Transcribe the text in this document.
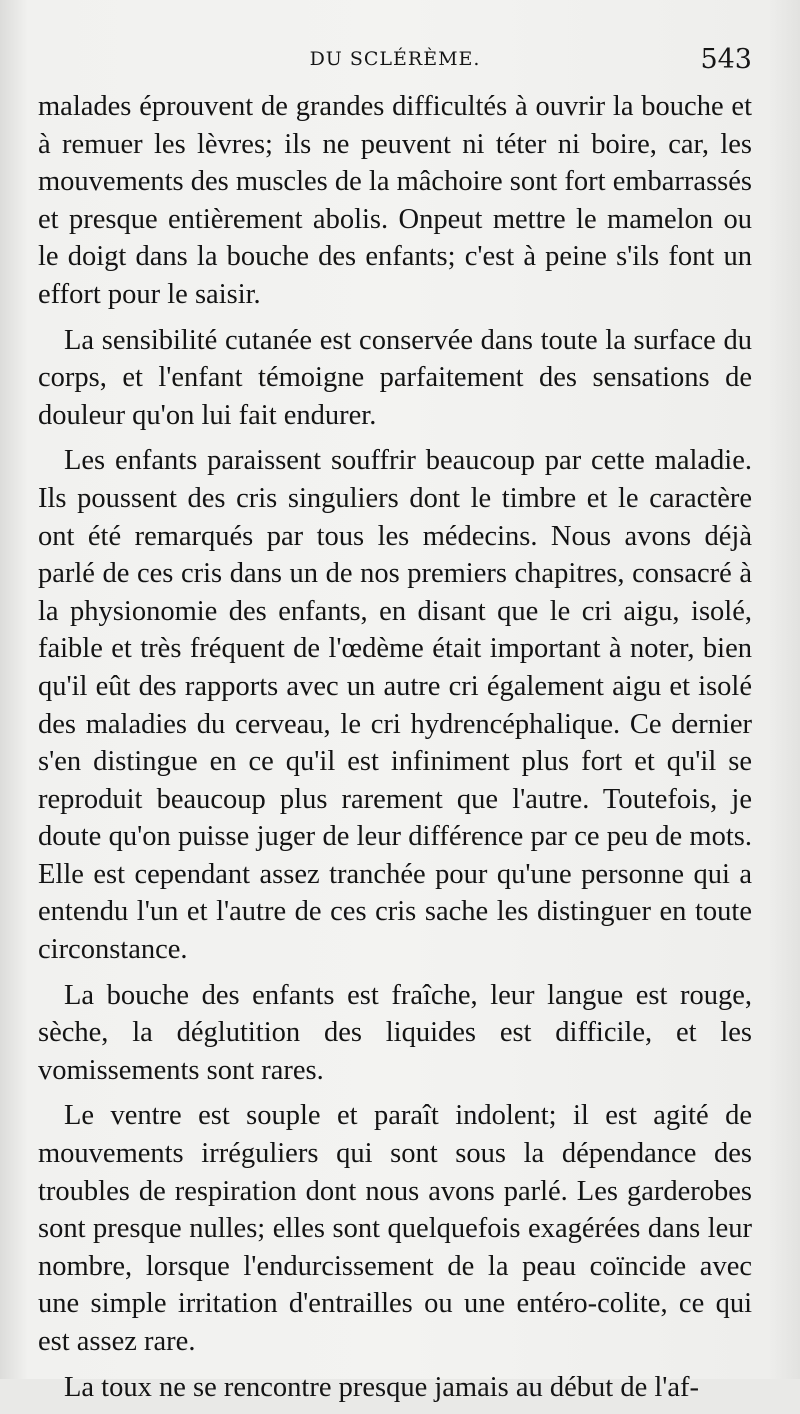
DU SCLÉRÈME.	543

malades éprouvent de grandes difficultés à ouvrir la bouche et à remuer les lèvres; ils ne peuvent ni téter ni boire, car, les mouvements des muscles de la mâchoire sont fort embarrassés et presque entièrement abolis. Onpeut mettre le mamelon ou le doigt dans la bouche des enfants; c'est à peine s'ils font un effort pour le saisir.

La sensibilité cutanée est conservée dans toute la surface du corps, et l'enfant témoigne parfaitement des sensations de douleur qu'on lui fait endurer.

Les enfants paraissent souffrir beaucoup par cette maladie. Ils poussent des cris singuliers dont le timbre et le caractère ont été remarqués par tous les médecins. Nous avons déjà parlé de ces cris dans un de nos premiers chapitres, consacré à la physionomie des enfants, en disant que le cri aigu, isolé, faible et très fréquent de l'œdème était important à noter, bien qu'il eût des rapports avec un autre cri également aigu et isolé des maladies du cerveau, le cri hydrencéphalique. Ce dernier s'en distingue en ce qu'il est infiniment plus fort et qu'il se reproduit beaucoup plus rarement que l'autre. Toutefois, je doute qu'on puisse juger de leur différence par ce peu de mots. Elle est cependant assez tranchée pour qu'une personne qui a entendu l'un et l'autre de ces cris sache les distinguer en toute circonstance.

La bouche des enfants est fraîche, leur langue est rouge, sèche, la déglutition des liquides est difficile, et les vomissements sont rares.

Le ventre est souple et paraît indolent; il est agité de mouvements irréguliers qui sont sous la dépendance des troubles de respiration dont nous avons parlé. Les garderobes sont presque nulles; elles sont quelquefois exagérées dans leur nombre, lorsque l'endurcissement de la peau coïncide avec une simple irritation d'entrailles ou une entéro-colite, ce qui est assez rare.

La toux ne se rencontre presque jamais au début de l'af-
